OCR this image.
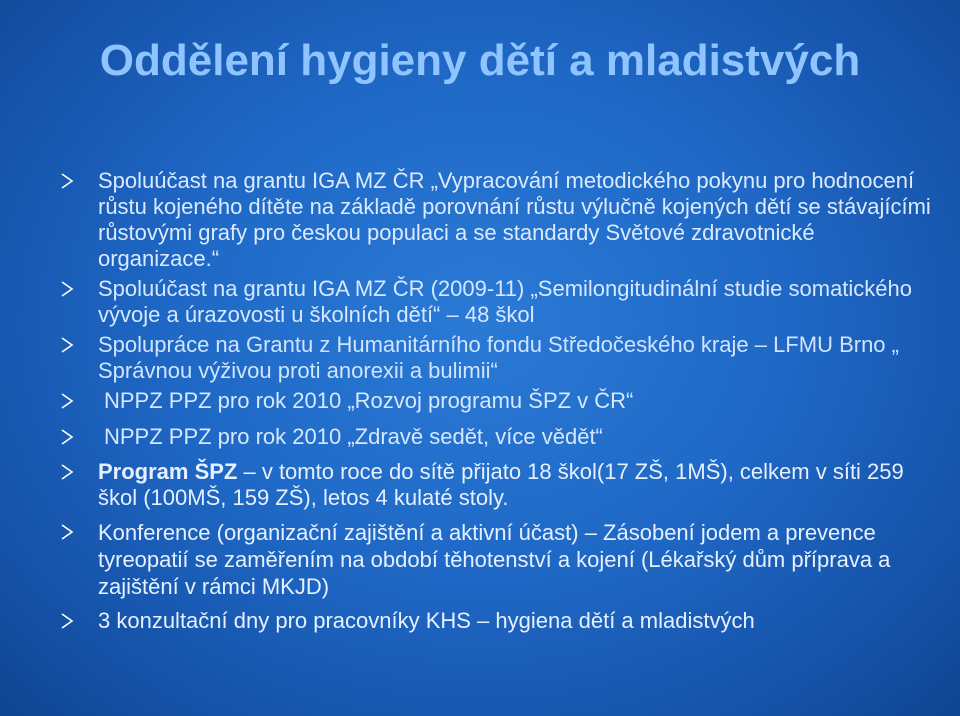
Oddělení hygieny dětí a mladistvých
Spoluúčast na grantu IGA MZ ČR „Vypracování metodického pokynu pro hodnocení růstu kojeného dítěte na základě porovnání růstu výlučně kojených dětí se stávajícími růstovými grafy pro českou populaci a se standardy Světové zdravotnické organizace.“
Spoluúčast na grantu IGA MZ ČR (2009-11) „Semilongitudinální studie somatického vývoje a úrazovosti u školních dětí“ – 48 škol
Spolupráce na Grantu z Humanitárního fondu Středočeského kraje – LFMU Brno „ Správnou výživou proti anorexii a bulimii“
NPPZ PPZ pro rok 2010 „Rozvoj programu ŠPZ v ČR“
NPPZ PPZ pro rok 2010 „Zdravě sedět, více vědět“
Program ŠPZ – v tomto roce do sítě přijato 18 škol(17 ZŠ, 1MŠ), celkem v síti 259 škol (100MŠ, 159 ZŠ), letos 4 kulaté stoly.
Konference (organizační zajištění a aktivní účast) – Zásobení jodem a prevence tyreopatií se zaměřením na období těhotenství a kojení (Lékařský dům příprava a zajištění v rámci MKJD)
3 konzultační dny pro pracovníky KHS – hygiena dětí a mladistvých
